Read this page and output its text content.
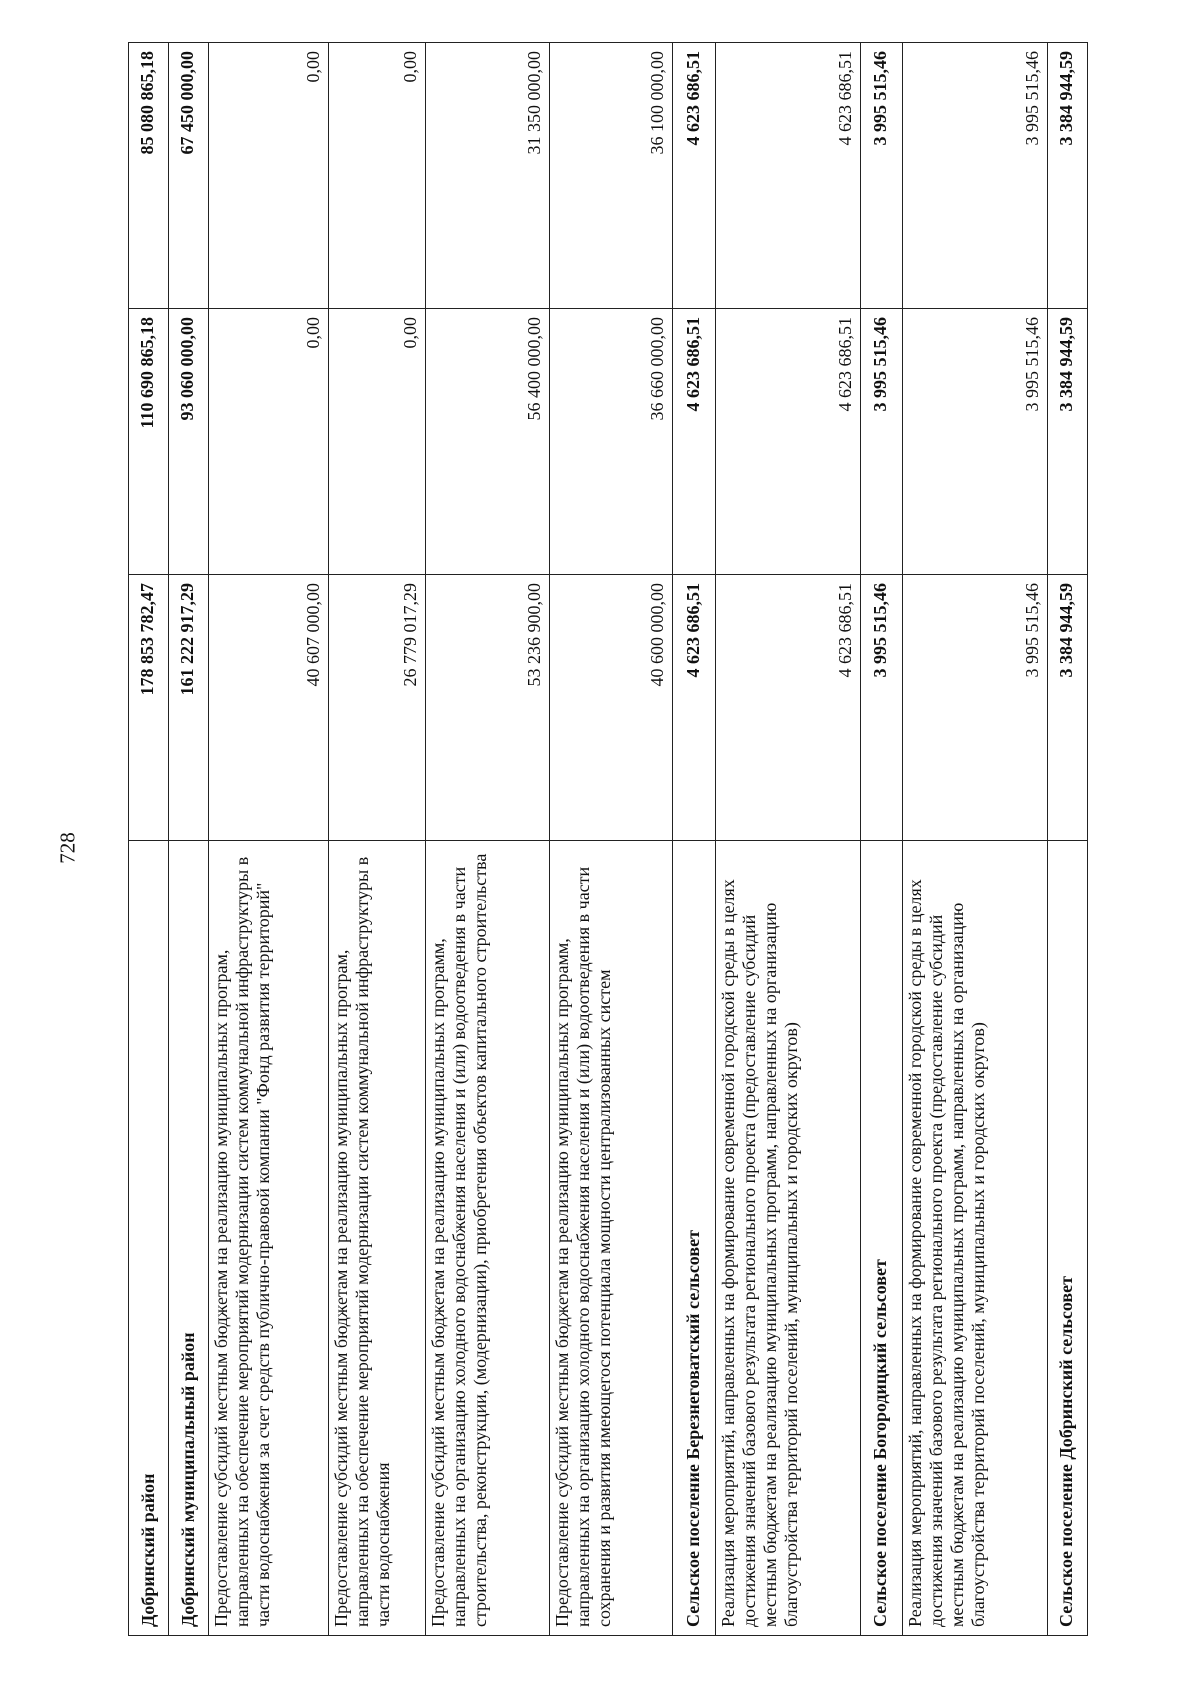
728
Добринский район	178 853 782,47	110 690 865,18	85 080 865,18
Добринский муниципальный район	161 222 917,29	93 060 000,00	67 450 000,00
Предоставление субсидий местным бюджетам на реализацию муниципальных програм, направленных на обеспечение мероприятий модернизации систем коммунальной инфраструктуры в части водоснабжения за счет средств публично-правовой компании "Фонд развития территорий"	40 607 000,00	0,00	0,00
Предоставление субсидий местным бюджетам на реализацию муниципальных програм, направленных на обеспечение мероприятий модернизации систем коммунальной инфраструктуры в части водоснабжения	26 779 017,29	0,00	0,00
Предоставление субсидий местным бюджетам на реализацию муниципальных программ, направленных на организацию холодного водоснабжения населения и (или) водоотведения в части строительства, реконструкции, (модернизации), приобретения объектов капитального строительства	53 236 900,00	56 400 000,00	31 350 000,00
Предоставление субсидий местным бюджетам на реализацию муниципальных программ, направленных на организацию холодного водоснабжения населения и (или) водоотведения в части сохранения и развития имеющегося потенциала мощности централизованных систем	40 600 000,00	36 660 000,00	36 100 000,00
Сельское поселение Березнеговатский сельсовет	4 623 686,51	4 623 686,51	4 623 686,51
Реализация мероприятий, направленных на формирование современной городской среды в целях достижения значений базового результата регионального проекта (предоставление субсидий местным бюджетам на реализацию муниципальных программ, направленных на организацию благоустройства территорий поселений, муниципальных и городских округов)	4 623 686,51	4 623 686,51	4 623 686,51
Сельское поселение Богородицкий сельсовет	3 995 515,46	3 995 515,46	3 995 515,46
Реализация мероприятий, направленных на формирование современной городской среды в целях достижения значений базового результата регионального проекта (предоставление субсидий местным бюджетам на реализацию муниципальных программ, направленных на организацию благоустройства территорий поселений, муниципальных и городских округов)	3 995 515,46	3 995 515,46	3 995 515,46
Сельское поселение Добринский сельсовет	3 384 944,59	3 384 944,59	3 384 944,59
